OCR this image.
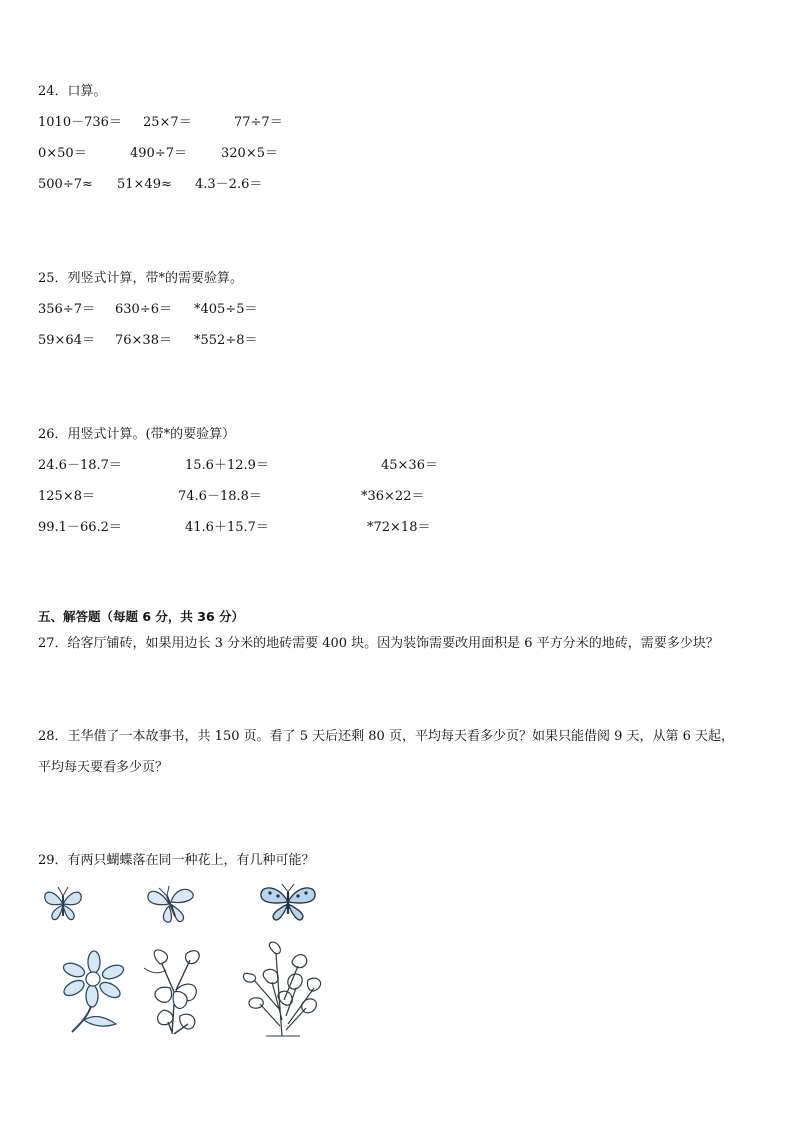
24．口算。
1010－736＝ 25×7＝	77÷7＝
0×50＝	490÷7＝	320×5＝
500÷7≈ 51×49≈ 4.3－2.6＝
25．列竖式计算，带*的需要验算。
356÷7＝ 630÷6＝ *405÷5＝
59×64＝ 76×38＝ *552÷8＝
26．用竖式计算。(带*的要验算）
24.6－18.7＝	15.6＋12.9＝	45×36＝
125×8＝	74.6－18.8＝	*36×22＝
99.1－66.2＝	41.6＋15.7＝	*72×18＝
五、解答题（每题 6 分，共 36 分）
27．给客厅铺砖，如果用边长 3 分米的地砖需要 400 块。因为装饰需要改用面积是 6 平方分米的地砖，需要多少块？
28．王华借了一本故事书，共 150 页。看了 5 天后还剩 80 页，平均每天看多少页？如果只能借阅 9 天，从第 6 天起，
平均每天要看多少页？
29．有两只蝴蝶落在同一种花上，有几种可能？
